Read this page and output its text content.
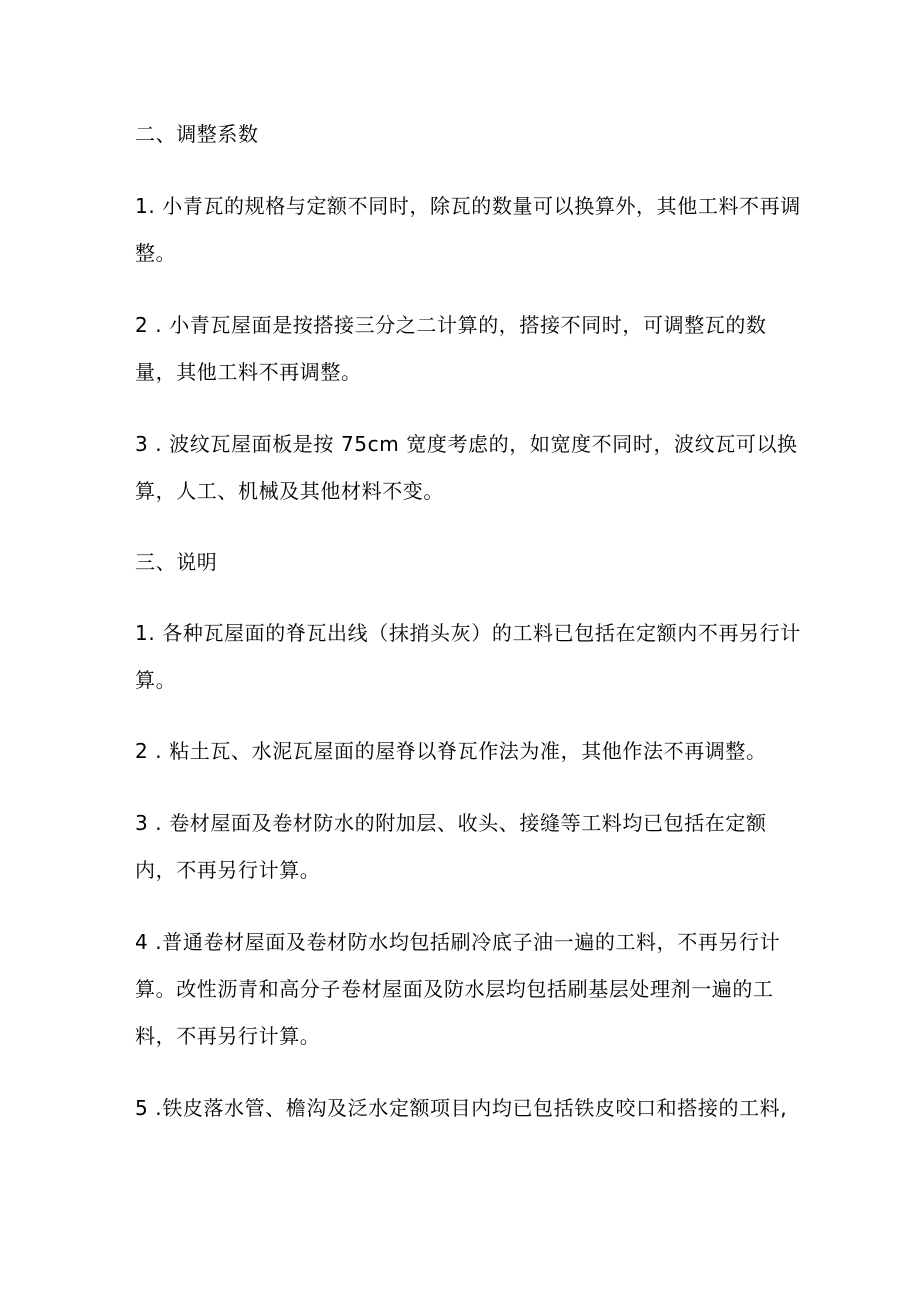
二、调整系数
1. 小青瓦的规格与定额不同时，除瓦的数量可以换算外，其他工料不再调
整。
2 . 小青瓦屋面是按搭接三分之二计算的，搭接不同时，可调整瓦的数
量，其他工料不再调整。
3 . 波纹瓦屋面板是按 75cm 宽度考虑的，如宽度不同时，波纹瓦可以换
算，人工、机械及其他材料不变。
三、说明
1. 各种瓦屋面的脊瓦出线（抹捎头灰）的工料已包括在定额内不再另行计
算。
2 . 粘土瓦、水泥瓦屋面的屋脊以脊瓦作法为准，其他作法不再调整。
3 . 卷材屋面及卷材防水的附加层、收头、接缝等工料均已包括在定额
内，不再另行计算。
4 .普通卷材屋面及卷材防水均包括刷冷底子油一遍的工料，不再另行计
算。改性沥青和高分子卷材屋面及防水层均包括刷基层处理剂一遍的工
料，不再另行计算。
5 .铁皮落水管、檐沟及泛水定额项目内均已包括铁皮咬口和搭接的工料,
